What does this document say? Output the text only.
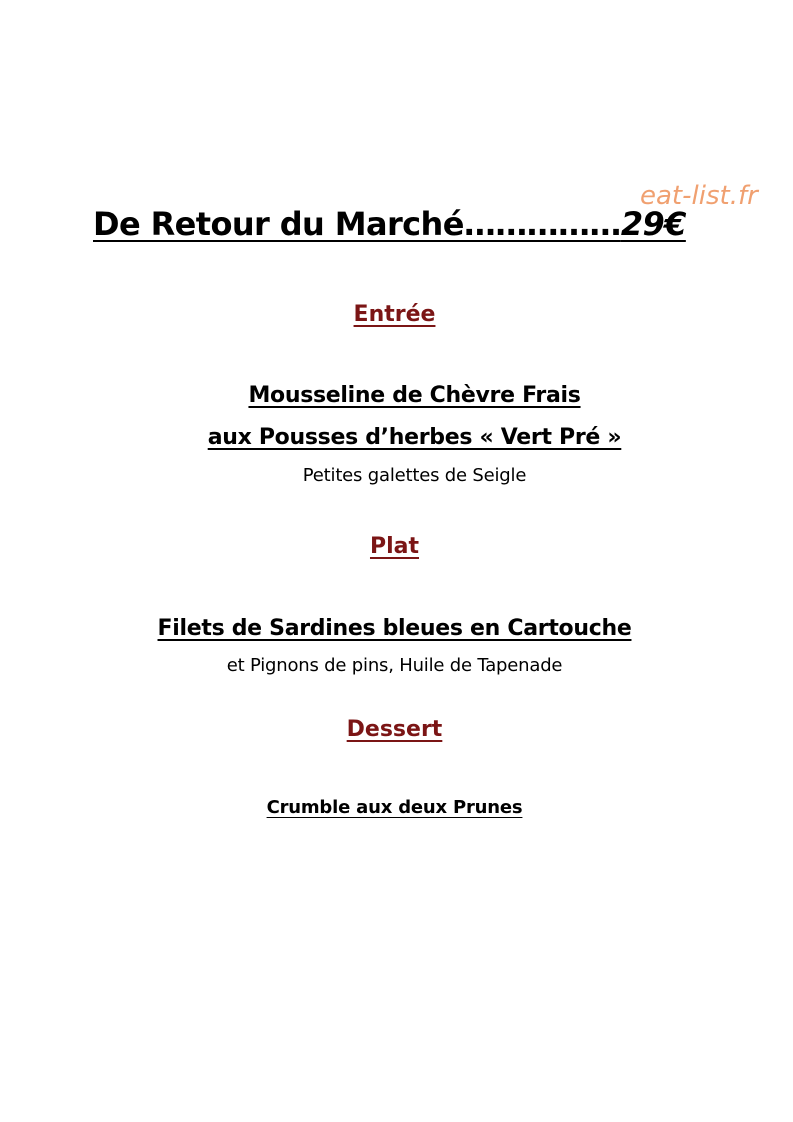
eat-list.fr
De Retour du Marché……………29€
Entrée
Mousseline de Chèvre Frais
aux Pousses d’herbes « Vert Pré »
Petites galettes de Seigle
Plat
Filets de Sardines bleues en Cartouche
et Pignons de pins, Huile de Tapenade
Dessert
Crumble aux deux Prunes
